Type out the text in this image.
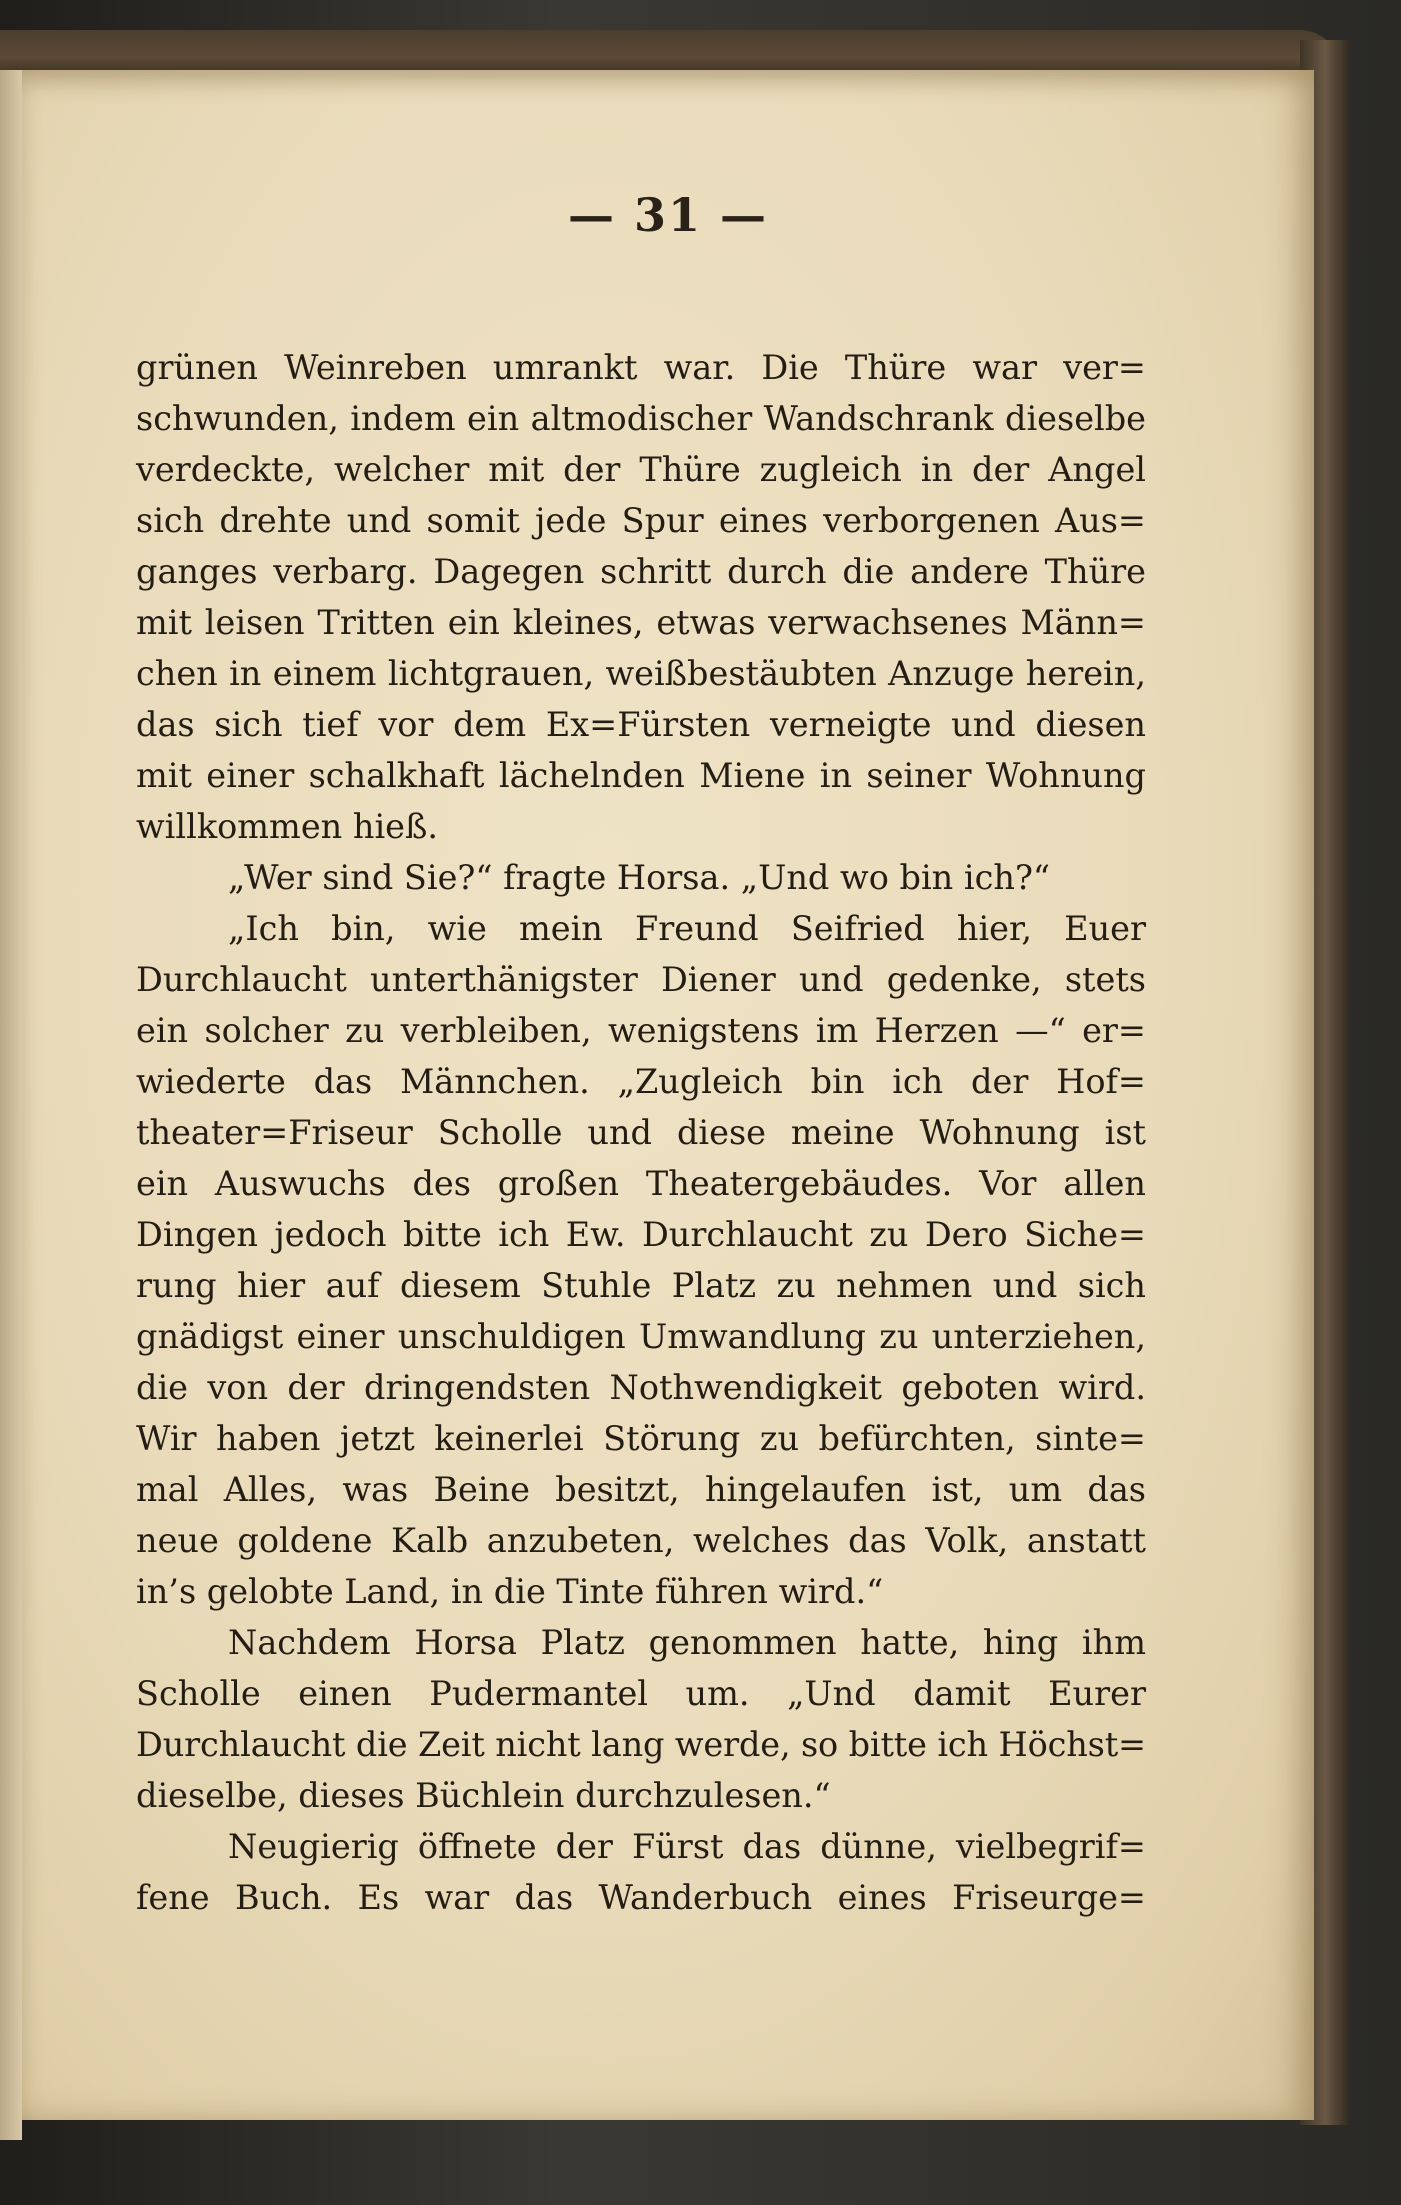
— 31 —
grünen Weinreben umrankt war. Die Thüre war ver=
schwunden, indem ein altmodischer Wandschrank dieselbe
verdeckte, welcher mit der Thüre zugleich in der Angel
sich drehte und somit jede Spur eines verborgenen Aus=
ganges verbarg. Dagegen schritt durch die andere Thüre
mit leisen Tritten ein kleines, etwas verwachsenes Männ=
chen in einem lichtgrauen, weißbestäubten Anzuge herein,
das sich tief vor dem Ex=Fürsten verneigte und diesen
mit einer schalkhaft lächelnden Miene in seiner Wohnung
willkommen hieß.
„Wer sind Sie?“ fragte Horsa. „Und wo bin ich?“
„Ich bin, wie mein Freund Seifried hier, Euer
Durchlaucht unterthänigster Diener und gedenke, stets
ein solcher zu verbleiben, wenigstens im Herzen —“ er=
wiederte das Männchen. „Zugleich bin ich der Hof=
theater=Friseur Scholle und diese meine Wohnung ist
ein Auswuchs des großen Theatergebäudes. Vor allen
Dingen jedoch bitte ich Ew. Durchlaucht zu Dero Siche=
rung hier auf diesem Stuhle Platz zu nehmen und sich
gnädigst einer unschuldigen Umwandlung zu unterziehen,
die von der dringendsten Nothwendigkeit geboten wird.
Wir haben jetzt keinerlei Störung zu befürchten, sinte=
mal Alles, was Beine besitzt, hingelaufen ist, um das
neue goldene Kalb anzubeten, welches das Volk, anstatt
in’s gelobte Land, in die Tinte führen wird.“
Nachdem Horsa Platz genommen hatte, hing ihm
Scholle einen Pudermantel um. „Und damit Eurer
Durchlaucht die Zeit nicht lang werde, so bitte ich Höchst=
dieselbe, dieses Büchlein durchzulesen.“
Neugierig öffnete der Fürst das dünne, vielbegrif=
fene Buch. Es war das Wanderbuch eines Friseurge=
